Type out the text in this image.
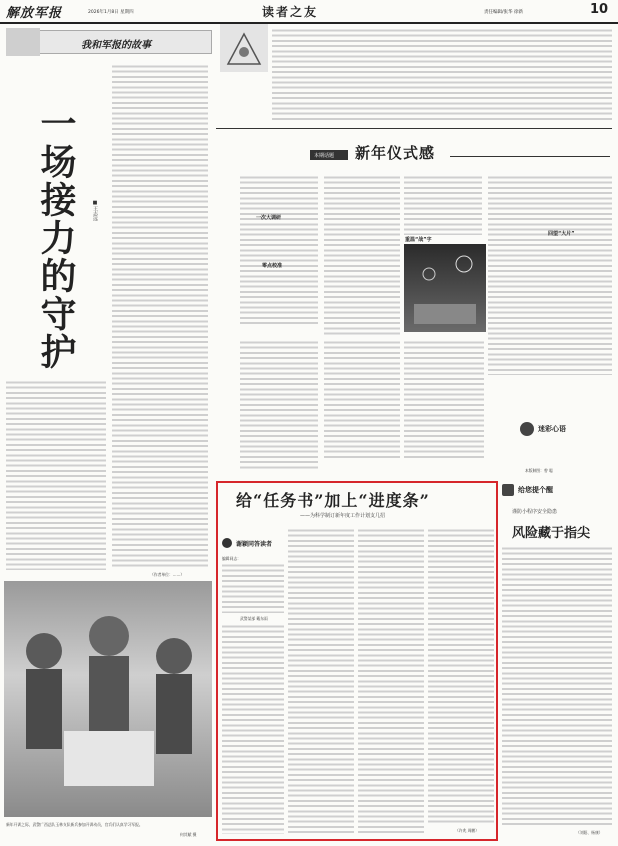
解放军报	2026年1月8日 星期四	读者之友	责任编辑/张华 徐新	10
我和军报的故事
一场接力的守护	■王志远
（作者单位：……）
新年开训之际，武警广西总队玉林支队新兵参加开训动员，官兵们认真学习军报。
何其赋 摄
本期话题 新年仪式感
一次大调研
零点校准
重温“战”字
回望“大片”
迷彩心语
本版制图：曾 聪
给您提个醒
谨防小程序安全隐患
风险藏于指尖
（刘阳、杨康）
给“任务书”加上“进度条”
——为科学制订新年度工作计划支几招
谢颖同答读者
编辑同志：
武警某部 戴东雨
（许兆 周鹏）
